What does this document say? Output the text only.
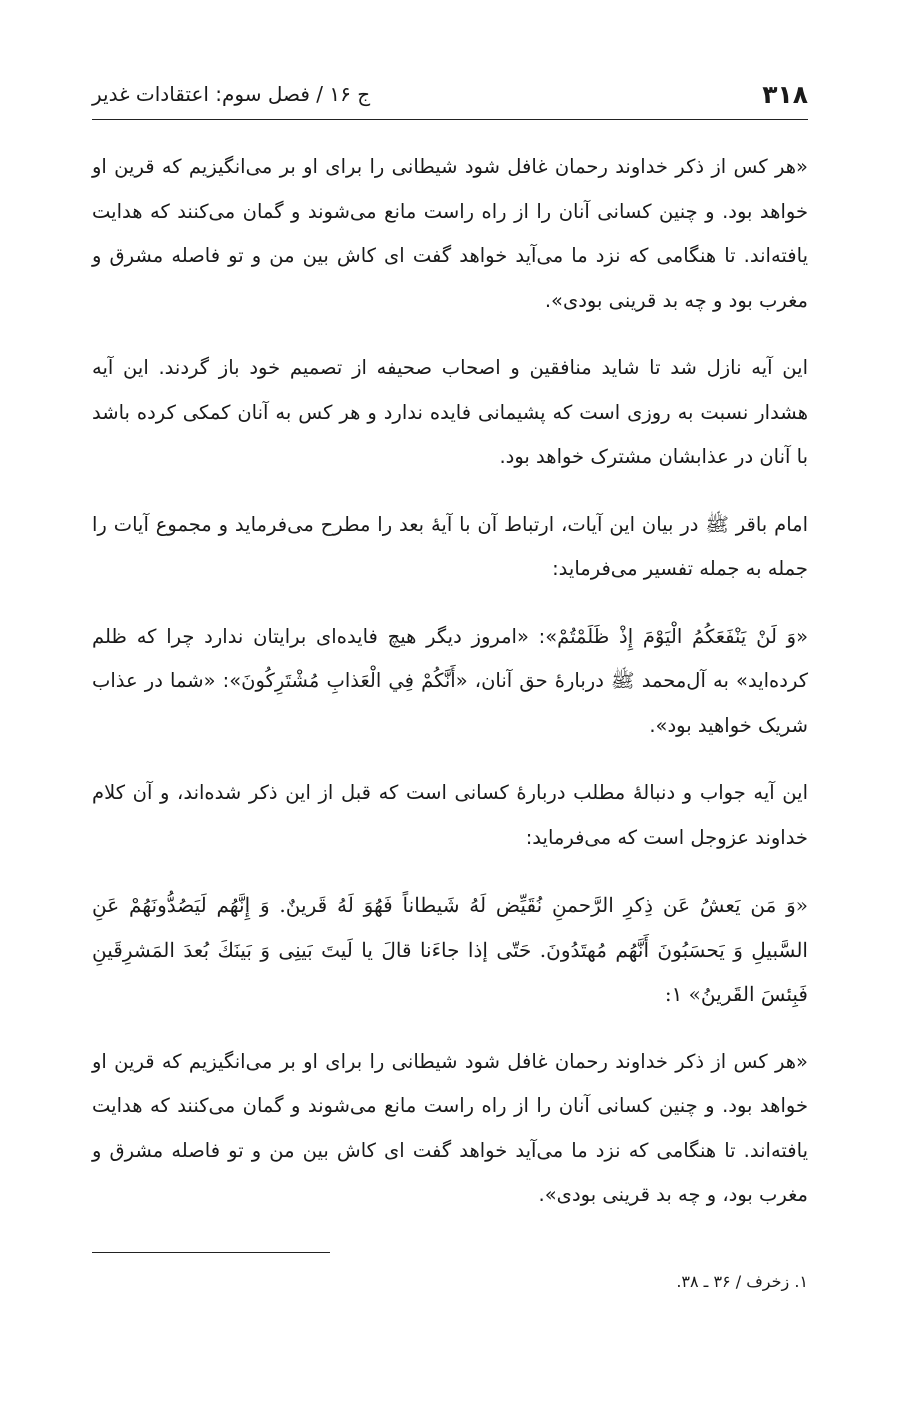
۳۱۸
ج ۱۶ / فصل سوم: اعتقادات غدیر

«هر کس از ذکر خداوند رحمان غافل شود شیطانی را برای او بر می‌انگیزیم که قرین او خواهد بود. و چنین کسانی آنان را از راه راست مانع می‌شوند و گمان می‌کنند که هدایت یافته‌اند. تا هنگامی که نزد ما می‌آید خواهد گفت ای کاش بین من و تو فاصله مشرق و مغرب بود و چه بد قرینی بودی».

این آیه نازل شد تا شاید منافقین و اصحاب صحیفه از تصمیم خود باز گردند. این آیه هشدار نسبت به روزی است که پشیمانی فایده ندارد و هر کس به آنان کمکی کرده باشد با آنان در عذابشان مشترک خواهد بود.

امام باقر ﷺ در بیان این آیات، ارتباط آن با آیهٔ بعد را مطرح می‌فرماید و مجموع آیات را جمله به جمله تفسیر می‌فرماید:

«وَ لَنْ يَنْفَعَكُمُ الْيَوْمَ إِذْ ظَلَمْتُمْ»: «امروز دیگر هیچ فایده‌ای برایتان ندارد چرا که ظلم کرده‌اید» به آل‌محمد ﷺ دربارهٔ حق آنان، «أَنَّكُمْ فِي الْعَذابِ مُشْتَرِكُونَ»: «شما در عذاب شریک خواهید بود».

این آیه جواب و دنبالهٔ مطلب دربارهٔ کسانی است که قبل از این ذکر شده‌اند، و آن کلام خداوند عزوجل است که می‌فرماید:

«وَ مَن يَعشُ عَن ذِكرِ الرَّحمنِ نُقَيِّض لَهُ شَيطاناً فَهُوَ لَهُ قَرينٌ. وَ إِنَّهُم لَيَصُدُّونَهُمْ عَنِ السَّبيلِ وَ يَحسَبُونَ أَنَّهُم مُهتَدُونَ. حَتّى إذا جاءَنا قالَ يا لَيتَ بَينِى وَ بَينَكَ بُعدَ المَشرِقَينِ فَبِئسَ القَرينُ» ۱:

«هر کس از ذکر خداوند رحمان غافل شود شیطانی را برای او بر می‌انگیزیم که قرین او خواهد بود. و چنین کسانی آنان را از راه راست مانع می‌شوند و گمان می‌کنند که هدایت یافته‌اند. تا هنگامی که نزد ما می‌آید خواهد گفت ای کاش بین من و تو فاصله مشرق و مغرب بود، و چه بد قرینی بودی».

۱. زخرف / ۳۶ ـ ۳۸.
